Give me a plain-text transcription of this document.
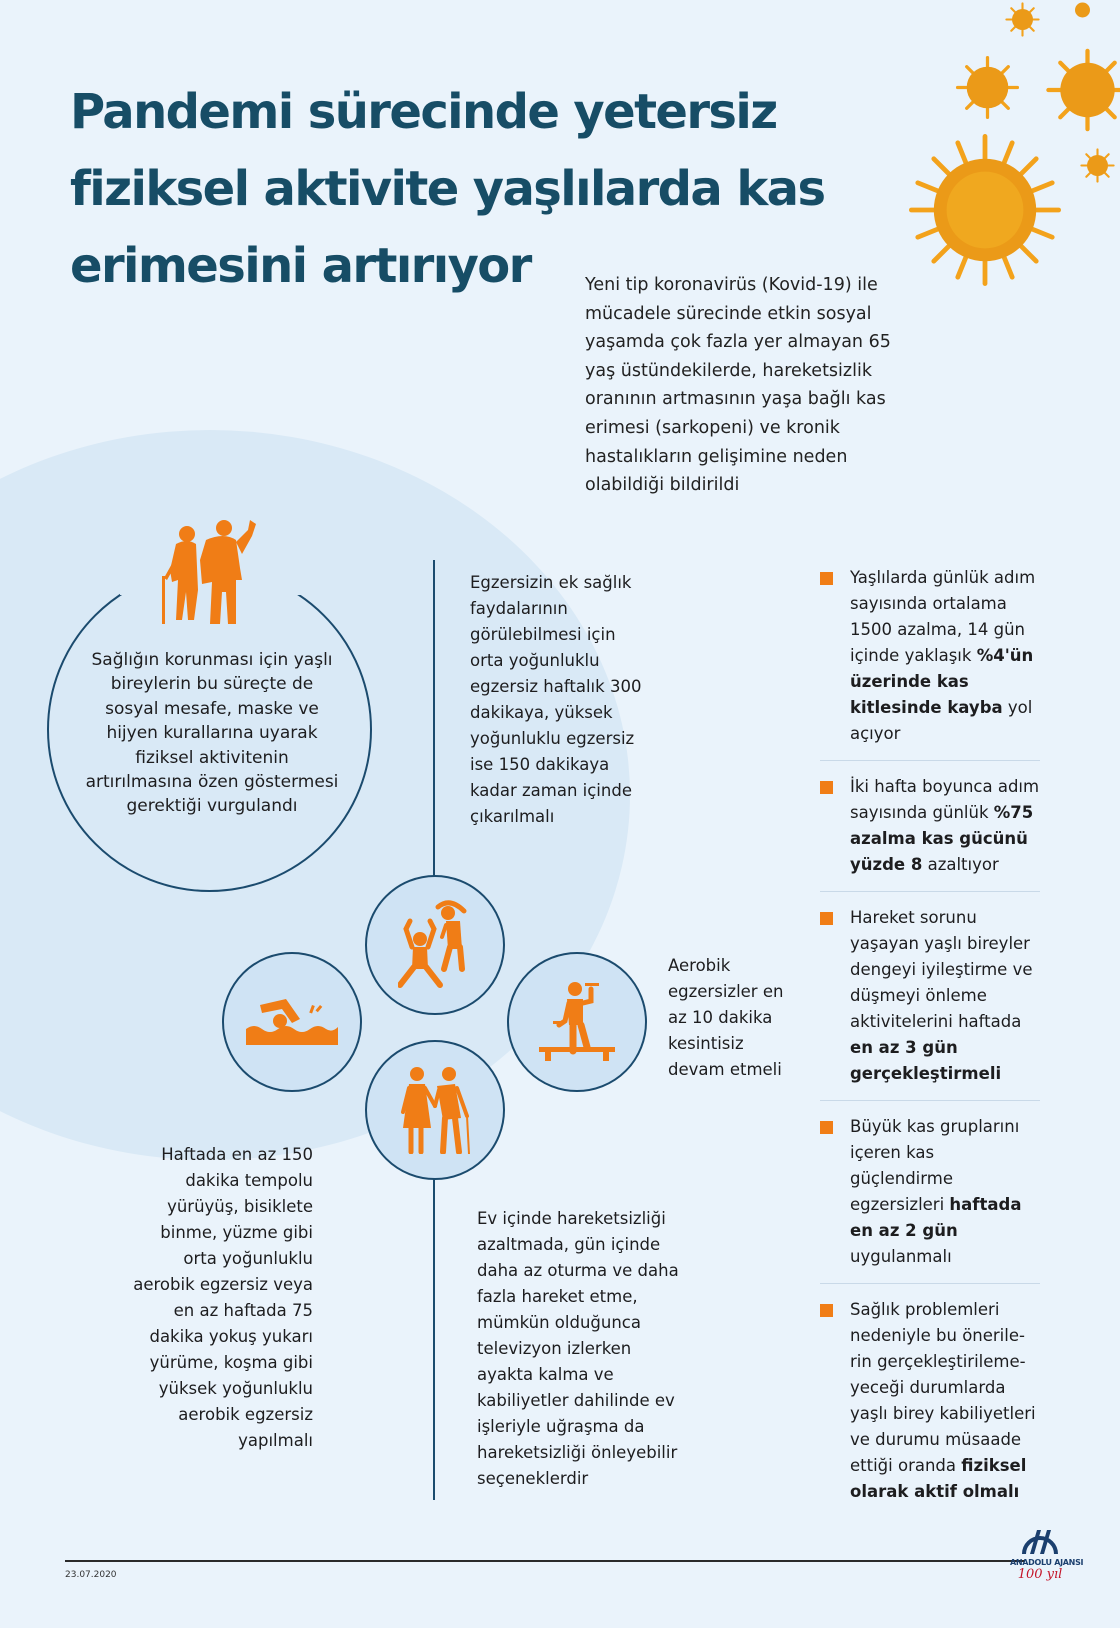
Pandemi sürecinde yetersiz fiziksel aktivite yaşlılarda kas erimesini artırıyor	Yeni tip koronavirüs (Kovid-19) ile mücadele sürecinde etkin sosyal yaşamda çok fazla yer almayan 65 yaş üstündekilerde, hareketsizlik oranının artmasının yaşa bağlı kas erimesi (sarkopeni) ve kronik hastalıkların gelişimine neden olabildiği bildirildi

Sağlığın korunması için yaşlı bireylerin bu süreçte de sosyal mesafe, maske ve hijyen kurallarına uyarak fiziksel aktivitenin artırılmasına özen göstermesi gerektiği vurgulandı

Egzersizin ek sağlık faydalarının görülebilmesi için orta yoğunluklu egzersiz haftalık 300 dakikaya, yüksek yoğunluklu egzersiz ise 150 dakikaya kadar zaman içinde çıkarılmalı

Aerobik egzersizler en az 10 dakika kesintisiz devam etmeli

Haftada en az 150 dakika tempolu yürüyüş, bisiklete binme, yüzme gibi orta yoğunluklu aerobik egzersiz veya en az haftada 75 dakika yokuş yukarı yürüme, koşma gibi yüksek yoğunluklu aerobik egzersiz yapılmalı

Ev içinde hareketsizliği azaltmada, gün içinde daha az oturma ve daha fazla hareket etme, mümkün olduğunca televizyon izlerken ayakta kalma ve kabiliyetler dahilinde ev işleriyle uğraşma da hareketsizliği önleyebilir seçeneklerdir

Yaşlılarda günlük adım sayısında ortalama 1500 azalma, 14 gün içinde yaklaşık %4'ün üzerinde kas kitlesinde kayba yol açıyor
İki hafta boyunca adım sayısında günlük %75 azalma kas gücünü yüzde 8 azaltıyor
Hareket sorunu yaşayan yaşlı bireyler dengeyi iyileştirme ve düşmeyi önleme aktivitelerini haftada en az 3 gün gerçekleştirmeli
Büyük kas gruplarını içeren kas güçlendirme egzersizleri haftada en az 2 gün uygulanmalı
Sağlık problemleri nedeniyle bu önerile-rin gerçekleştirileme-yeceği durumlarda yaşlı birey kabiliyetleri ve durumu müsaade ettiği oranda fiziksel olarak aktif olmalı
23.07.2020
ANADOLU AJANSI
100 yıl
